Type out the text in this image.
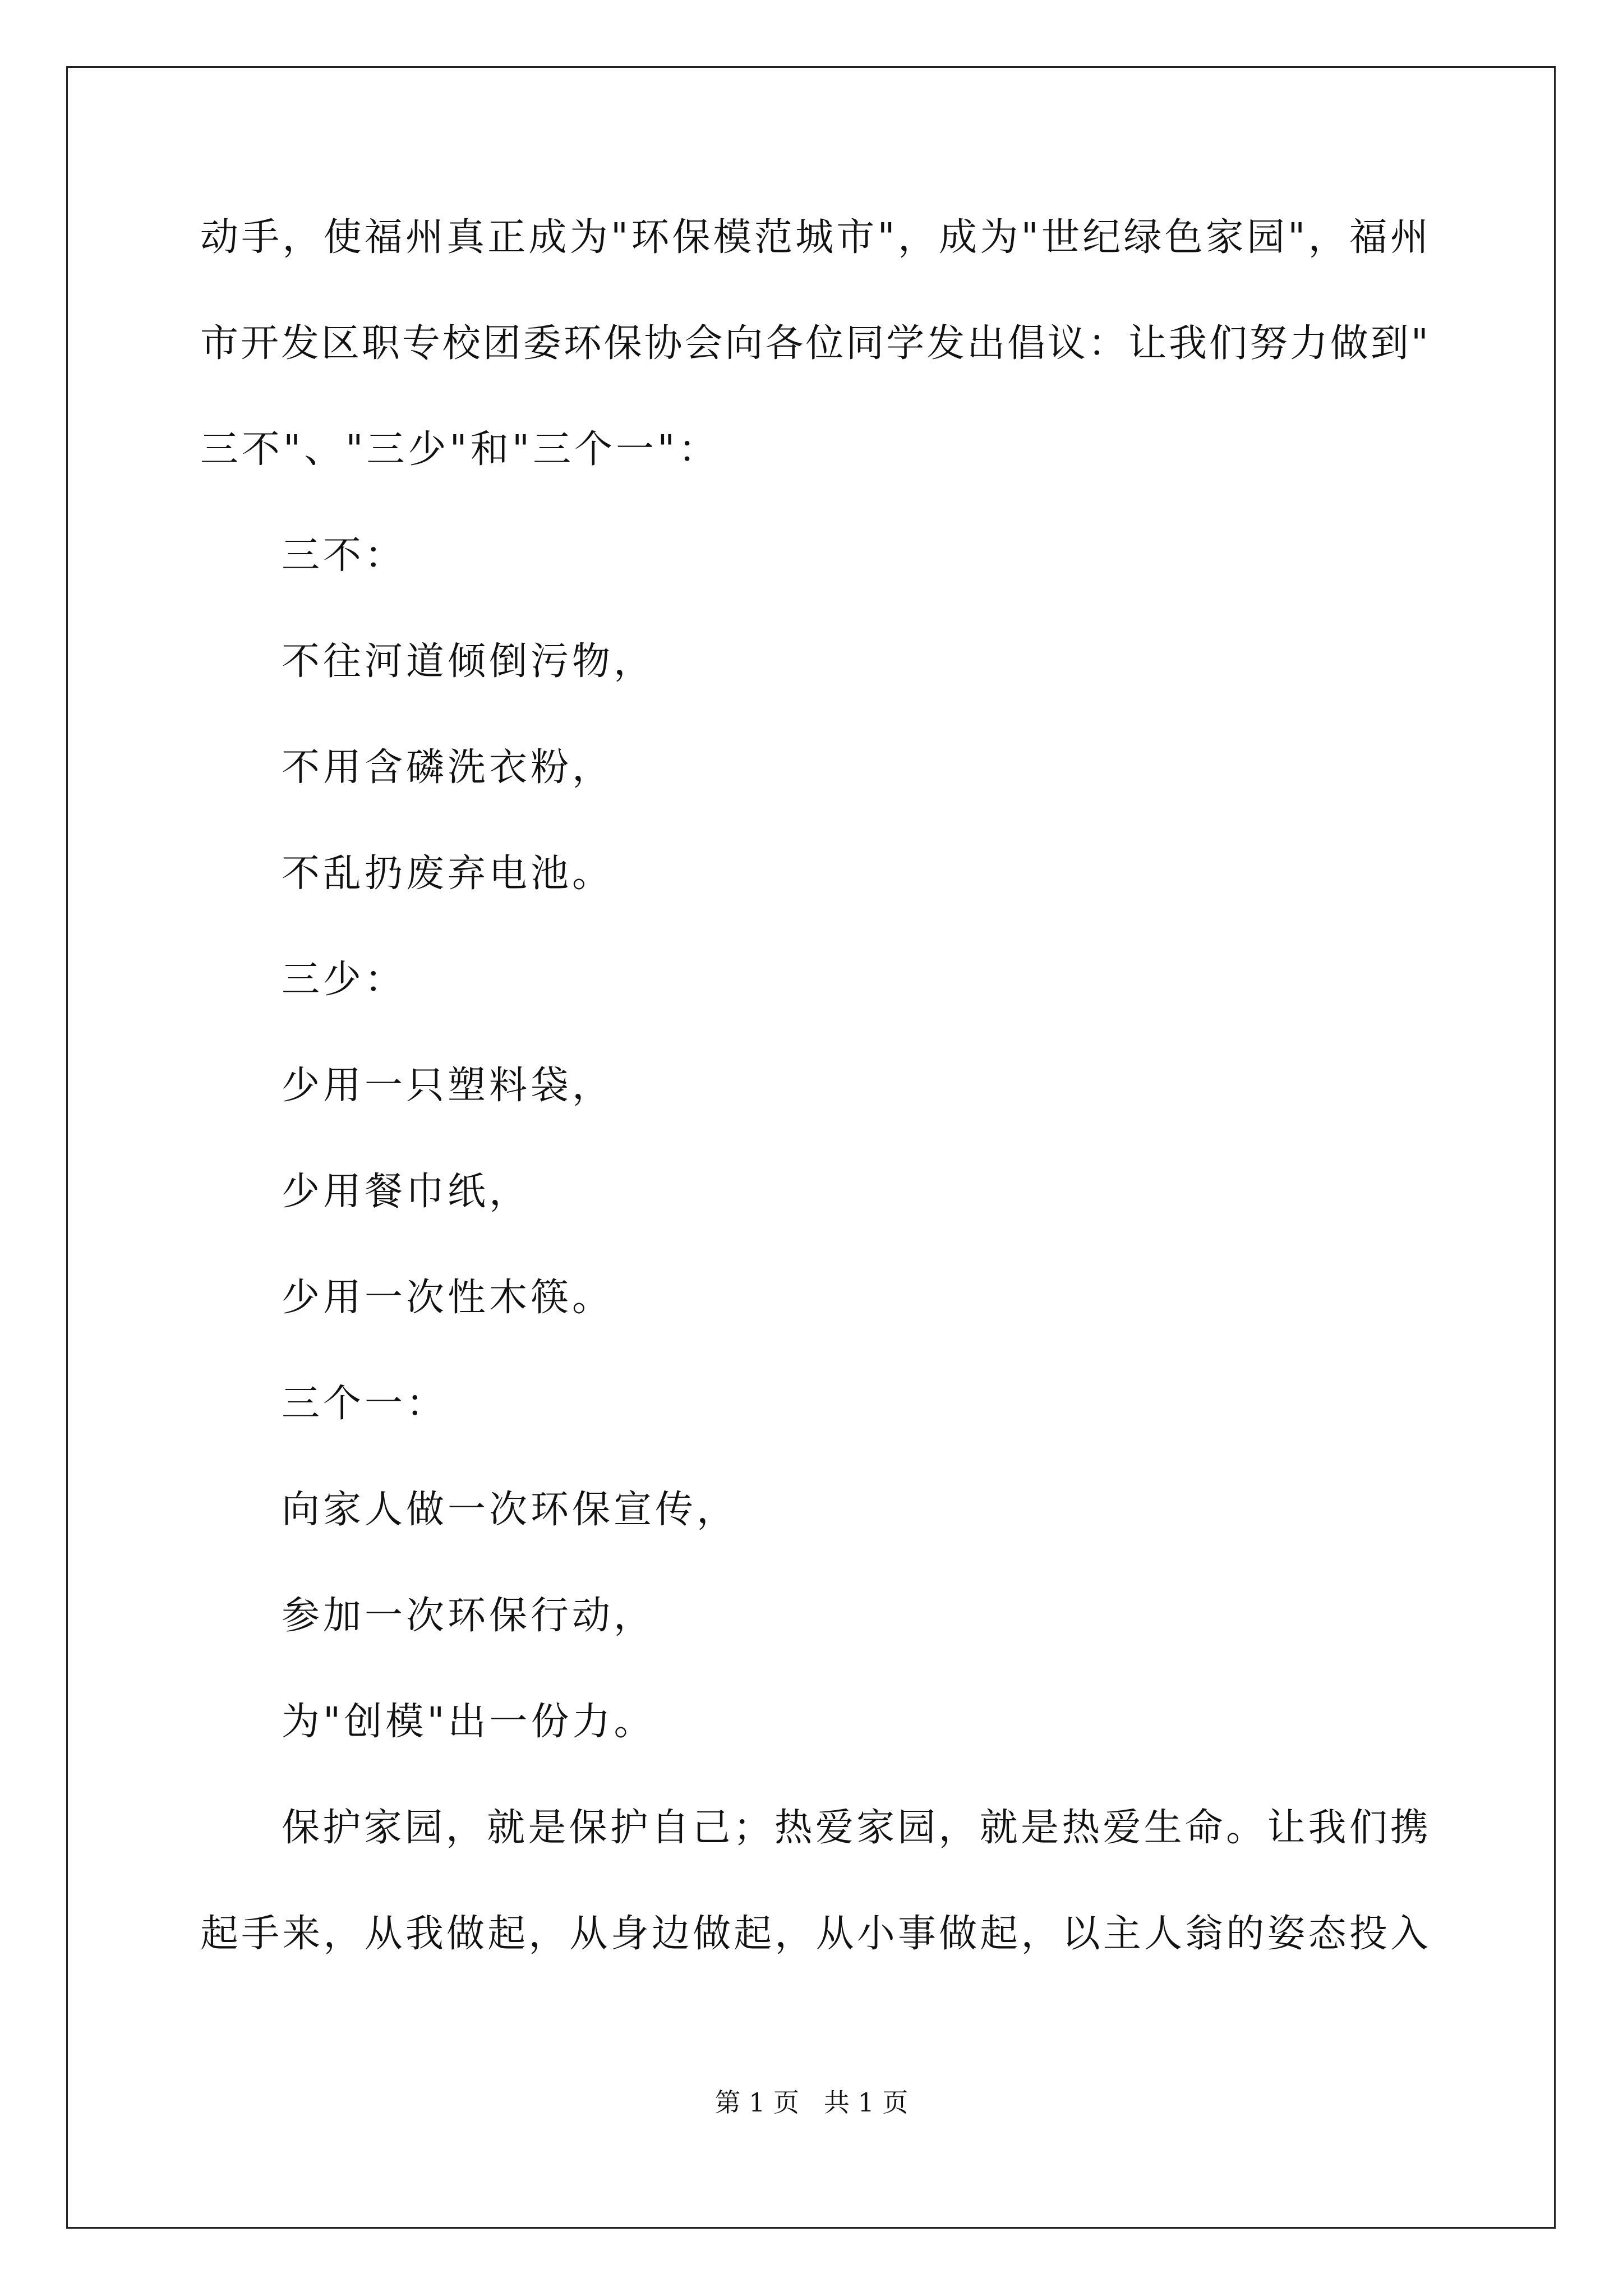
动手，使福州真正成为"环保模范城市"，成为"世纪绿色家园"，福州
市开发区职专校团委环保协会向各位同学发出倡议：让我们努力做到"
三不"、"三少"和"三个一"：
三不：
不往河道倾倒污物，
不用含磷洗衣粉，
不乱扔废弃电池。
三少：
少用一只塑料袋，
少用餐巾纸，
少用一次性木筷。
三个一：
向家人做一次环保宣传，
参加一次环保行动，
为"创模"出一份力。
保护家园，就是保护自己；热爱家园，就是热爱生命。让我们携
起手来，从我做起，从身边做起，从小事做起，以主人翁的姿态投入
第 1 页   共 1 页
